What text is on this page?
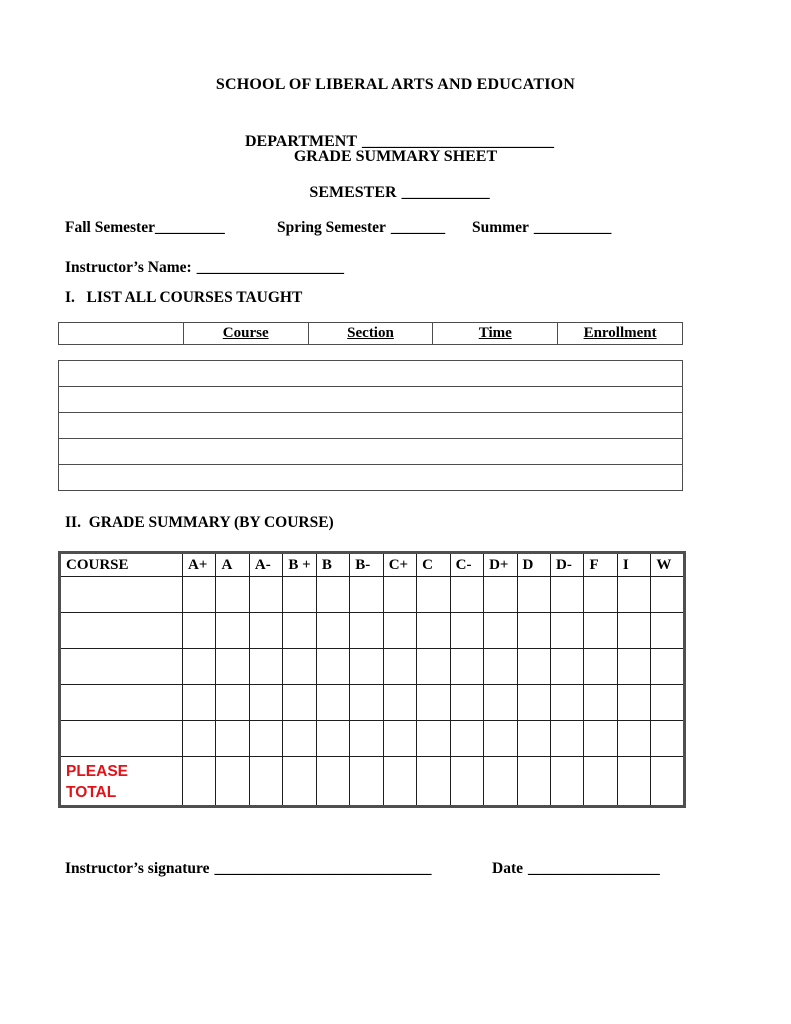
SCHOOL OF LIBERAL ARTS AND EDUCATION

DEPARTMENT ________________________

GRADE SUMMARY SHEET

SEMESTER ___________

Fall Semester_________	Spring Semester _______ Summer __________
Instructor’s Name: ___________________
I.   LIST ALL COURSES TAUGHT
	Course	Section	Time	Enrollment

II.  GRADE SUMMARY (BY COURSE)
COURSE	A+	A	A-	B +	B	B-	C+	C	C-	D+	D	D-	F	I	W

PLEASE
TOTAL															

Instructor’s signature ____________________________	Date _________________
